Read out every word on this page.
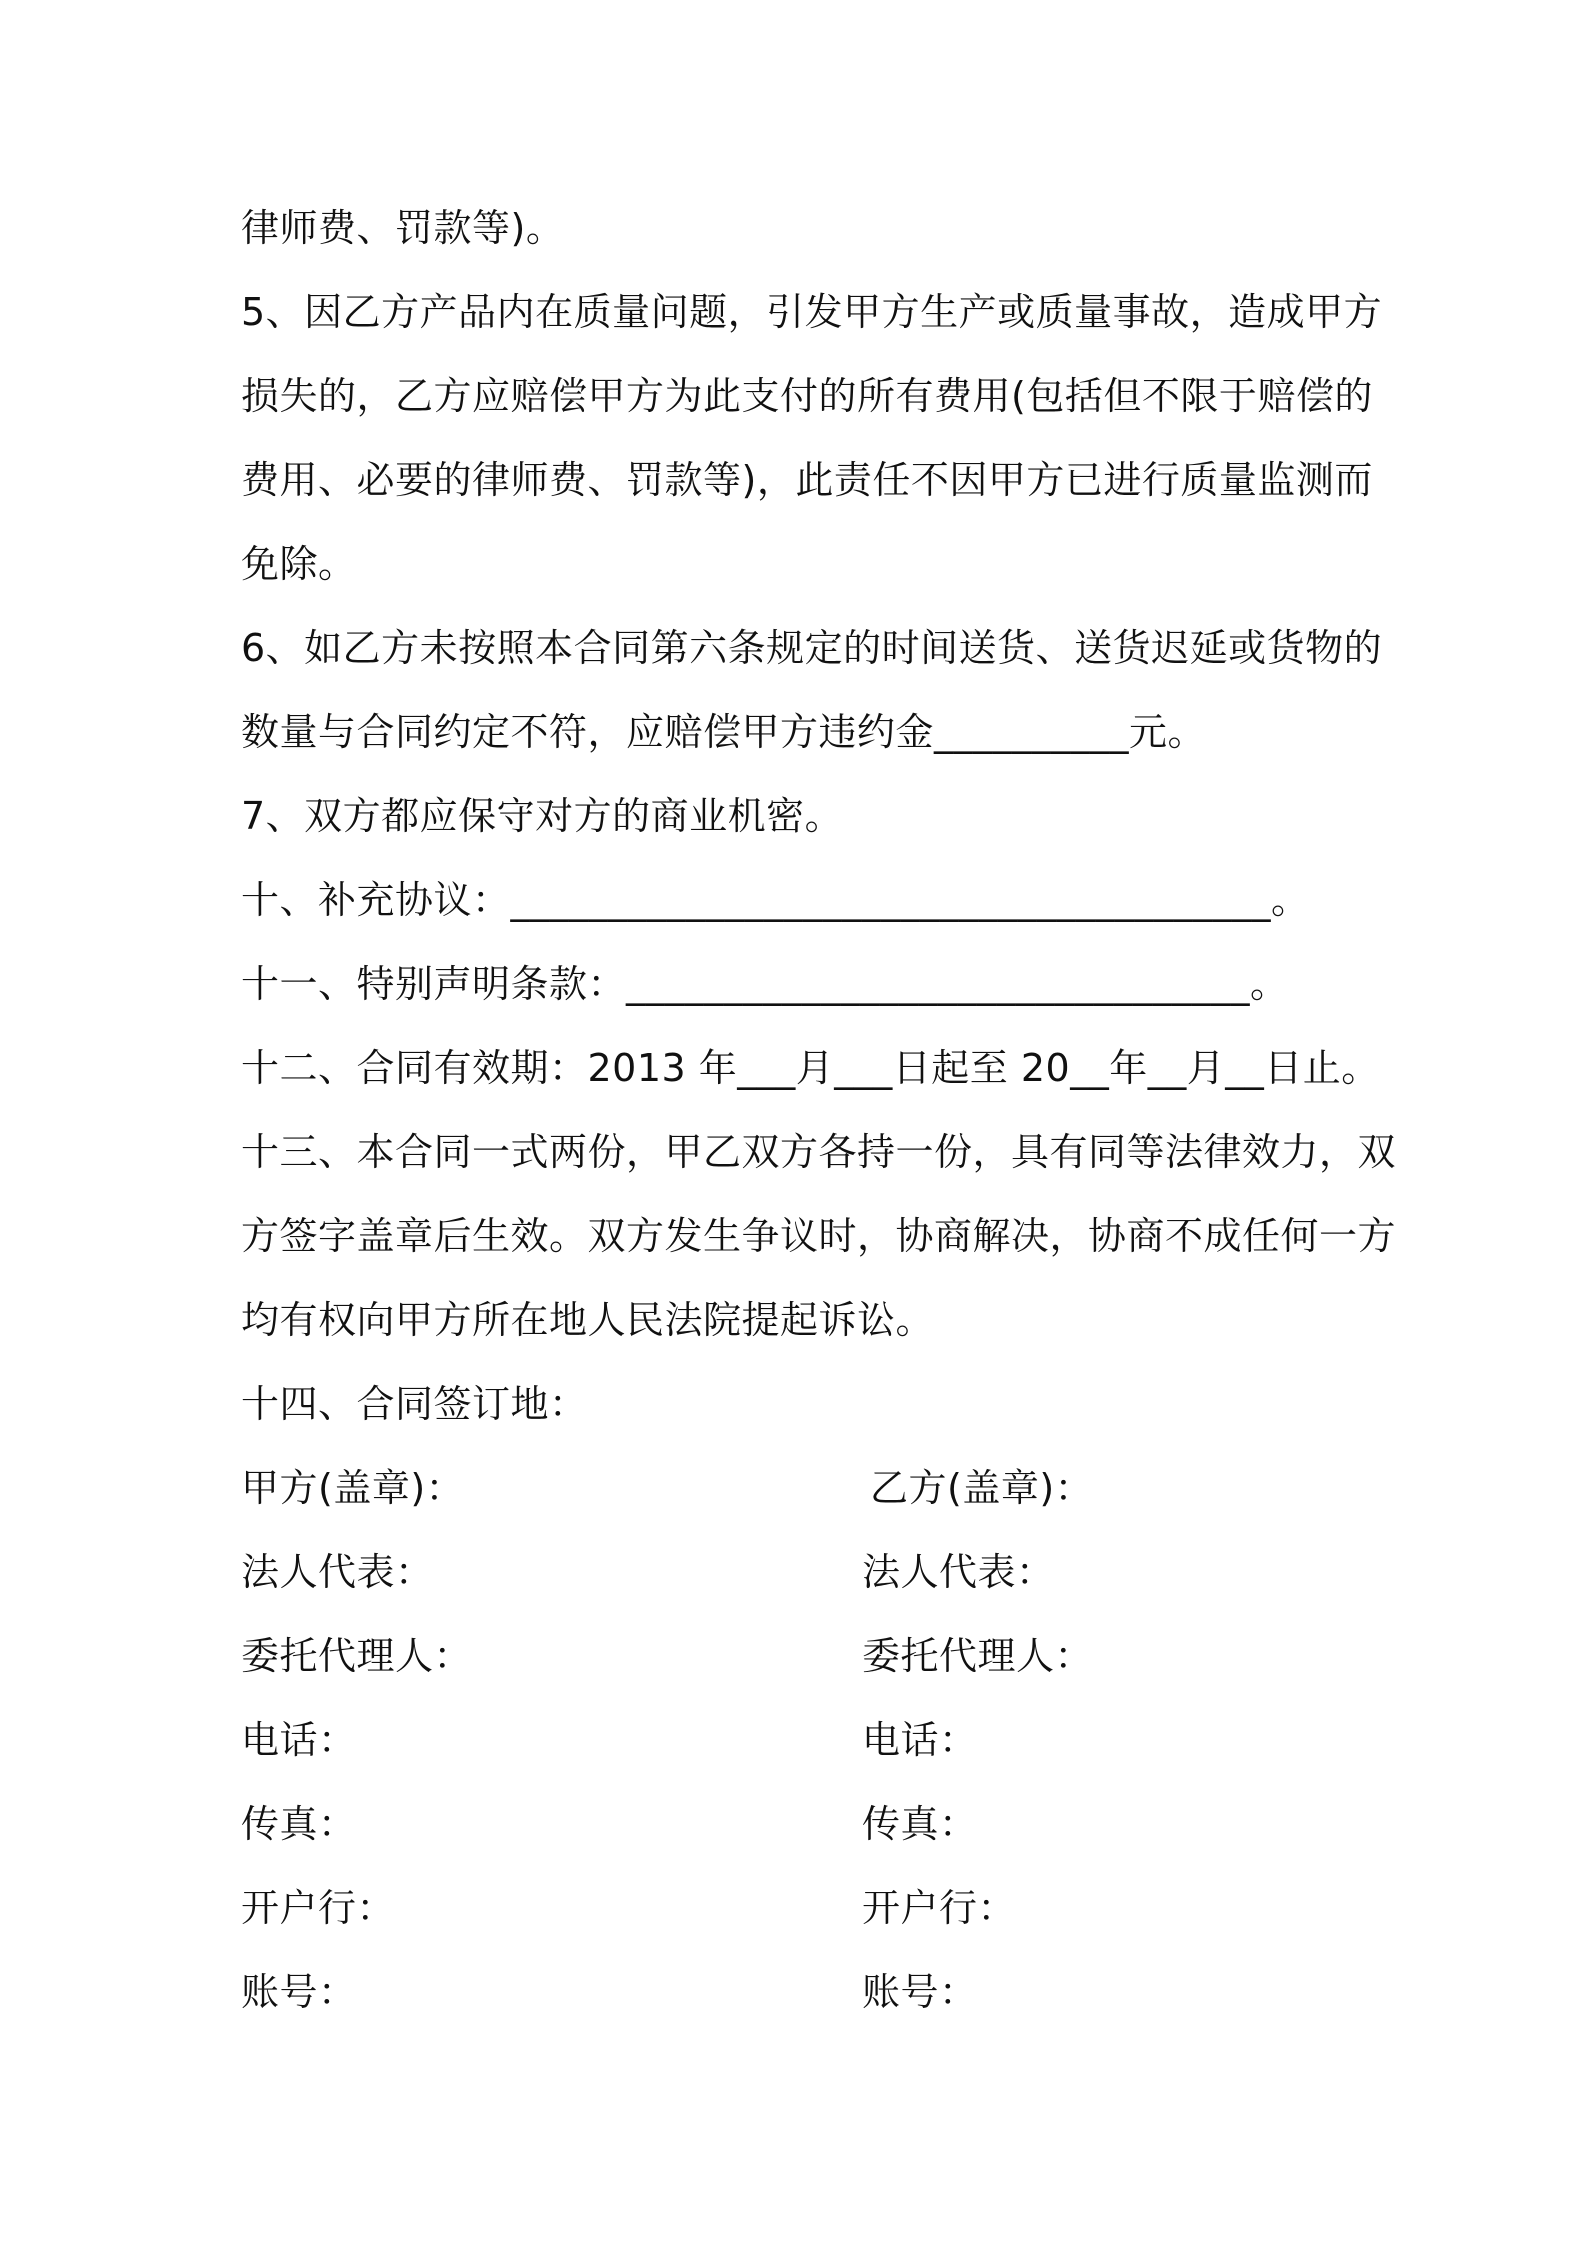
律师费、罚款等)。
5、因乙方产品内在质量问题，引发甲方生产或质量事故，造成甲方
损失的，乙方应赔偿甲方为此支付的所有费用(包括但不限于赔偿的
费用、必要的律师费、罚款等)，此责任不因甲方已进行质量监测而
免除。
6、如乙方未按照本合同第六条规定的时间送货、送货迟延或货物的
数量与合同约定不符，应赔偿甲方违约金__________元。
7、双方都应保守对方的商业机密。
十、补充协议：_______________________________________。
十一、特别声明条款：________________________________。
十二、合同有效期：2013 年___月___日起至 20__年__月__日止。
十三、本合同一式两份，甲乙双方各持一份，具有同等法律效力，双
方签字盖章后生效。双方发生争议时，协商解决，协商不成任何一方
均有权向甲方所在地人民法院提起诉讼。
十四、合同签订地：
甲方(盖章)：
法人代表：
委托代理人：
电话：
传真：
开户行：
账号：
乙方(盖章)：
法人代表：
委托代理人：
电话：
传真：
开户行：
账号：
